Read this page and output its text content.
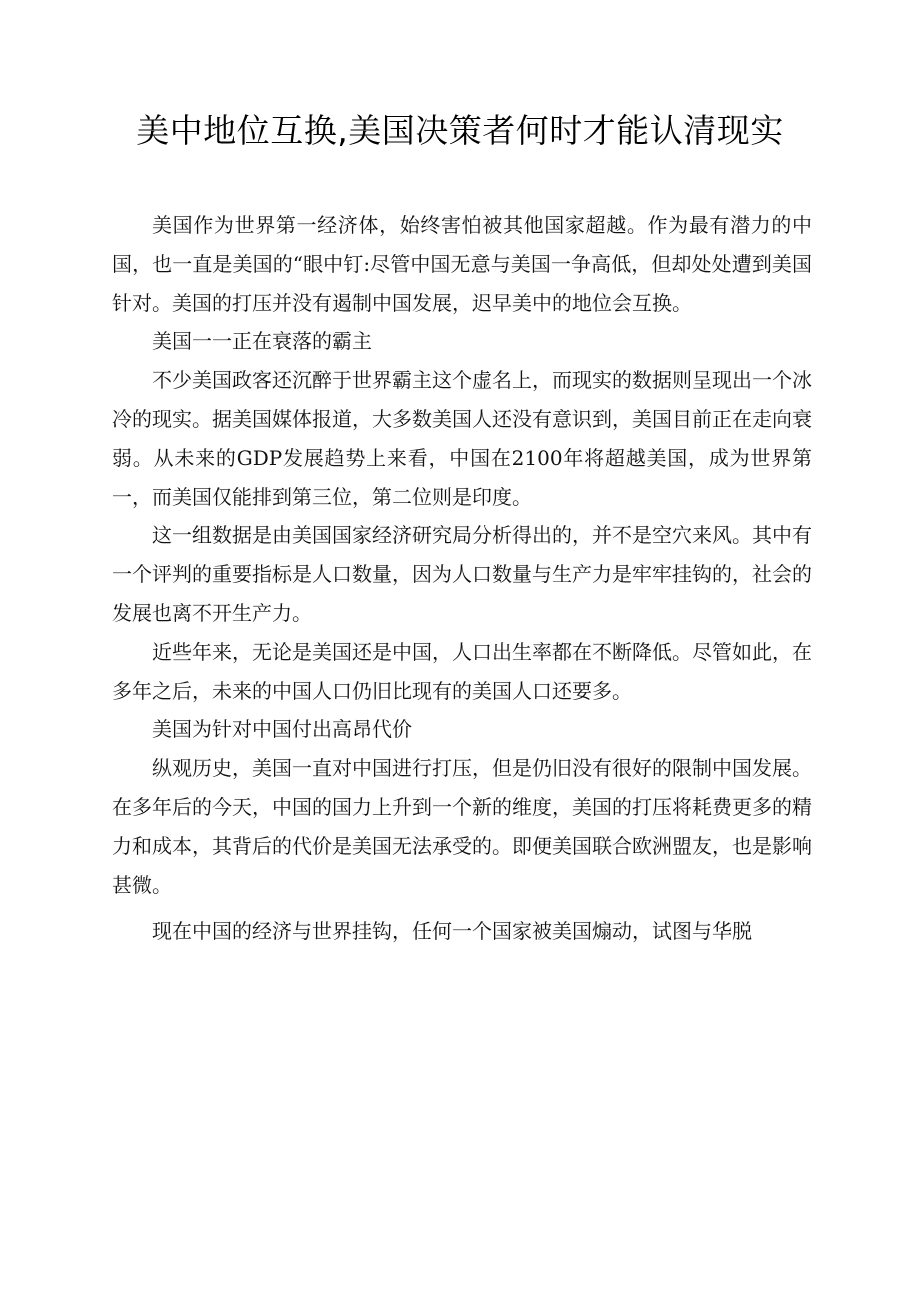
美中地位互换,美国决策者何时才能认清现实

美国作为世界第一经济体，始终害怕被其他国家超越。作为最有潜力的中国，也一直是美国的“眼中钉:尽管中国无意与美国一争高低，但却处处遭到美国针对。美国的打压并没有遏制中国发展，迟早美中的地位会互换。

美国一一正在衰落的霸主

不少美国政客还沉醉于世界霸主这个虚名上，而现实的数据则呈现出一个冰冷的现实。据美国媒体报道，大多数美国人还没有意识到，美国目前正在走向衰弱。从未来的GDP发展趋势上来看，中国在2100年将超越美国，成为世界第一，而美国仅能排到第三位，第二位则是印度。

这一组数据是由美国国家经济研究局分析得出的，并不是空穴来风。其中有一个评判的重要指标是人口数量，因为人口数量与生产力是牢牢挂钩的，社会的发展也离不开生产力。

近些年来，无论是美国还是中国，人口出生率都在不断降低。尽管如此，在多年之后，未来的中国人口仍旧比现有的美国人口还要多。

美国为针对中国付出高昂代价

纵观历史，美国一直对中国进行打压，但是仍旧没有很好的限制中国发展。在多年后的今天，中国的国力上升到一个新的维度，美国的打压将耗费更多的精力和成本，其背后的代价是美国无法承受的。即便美国联合欧洲盟友，也是影响甚微。

现在中国的经济与世界挂钩，任何一个国家被美国煽动，试图与华脱
